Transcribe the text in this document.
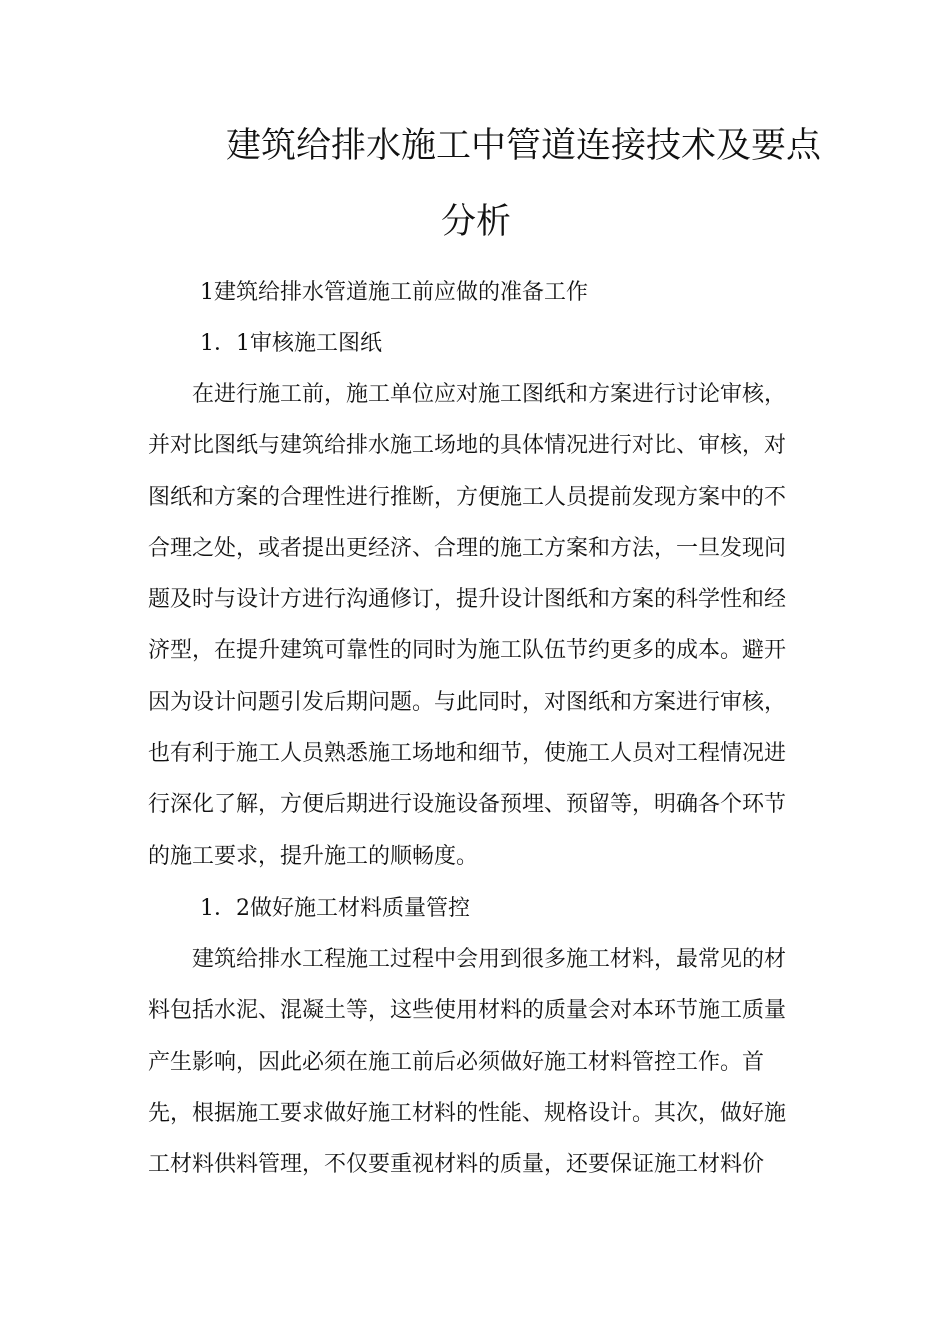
建筑给排水施工中管道连接技术及要点
分析
1建筑给排水管道施工前应做的准备工作
1．1审核施工图纸
在进行施工前，施工单位应对施工图纸和方案进行讨论审核，
并对比图纸与建筑给排水施工场地的具体情况进行对比、审核，对
图纸和方案的合理性进行推断，方便施工人员提前发现方案中的不
合理之处，或者提出更经济、合理的施工方案和方法，一旦发现问
题及时与设计方进行沟通修订，提升设计图纸和方案的科学性和经
济型，在提升建筑可靠性的同时为施工队伍节约更多的成本。避开
因为设计问题引发后期问题。与此同时，对图纸和方案进行审核，
也有利于施工人员熟悉施工场地和细节，使施工人员对工程情况进
行深化了解，方便后期进行设施设备预埋、预留等，明确各个环节
的施工要求，提升施工的顺畅度。
1．2做好施工材料质量管控
建筑给排水工程施工过程中会用到很多施工材料，最常见的材
料包括水泥、混凝土等，这些使用材料的质量会对本环节施工质量
产生影响，因此必须在施工前后必须做好施工材料管控工作。首
先，根据施工要求做好施工材料的性能、规格设计。其次，做好施
工材料供料管理，不仅要重视材料的质量，还要保证施工材料价
